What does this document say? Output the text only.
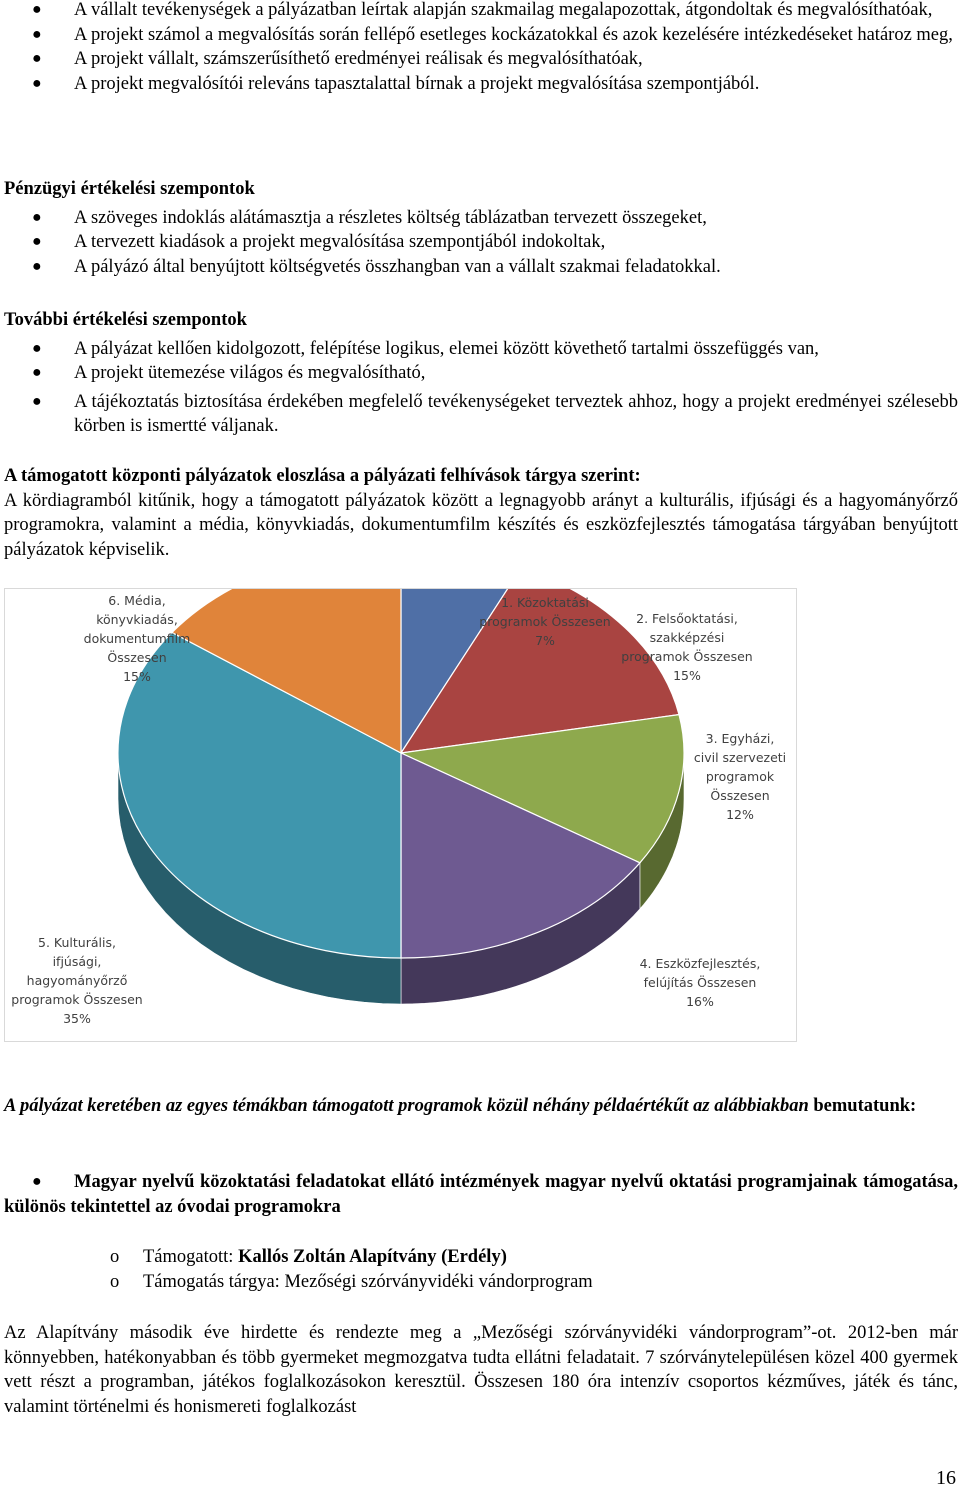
● A vállalt tevékenységek a pályázatban leírtak alapján szakmailag megalapozottak, átgondoltak és megvalósíthatóak,
● A projekt számol a megvalósítás során fellépő esetleges kockázatokkal és azok kezelésére intézkedéseket határoz meg,
● A projekt vállalt, számszerűsíthető eredményei reálisak és megvalósíthatóak,
● A projekt megvalósítói releváns tapasztalattal bírnak a projekt megvalósítása szempontjából.
Pénzügyi értékelési szempontok
● A szöveges indoklás alátámasztja a részletes költség táblázatban tervezett összegeket,
● A tervezett kiadások a projekt megvalósítása szempontjából indokoltak,
● A pályázó által benyújtott költségvetés összhangban van a vállalt szakmai feladatokkal.
További értékelési szempontok
● A pályázat kellően kidolgozott, felépítése logikus, elemei között követhető tartalmi összefüggés van,
● A projekt ütemezése világos és megvalósítható,
● A tájékoztatás biztosítása érdekében megfelelő tevékenységeket terveztek ahhoz, hogy a projekt eredményei szélesebb körben is ismertté váljanak.
A támogatott központi pályázatok eloszlása a pályázati felhívások tárgya szerint:
A kördiagramból kitűnik, hogy a támogatott pályázatok között a legnagyobb arányt a kulturális, ifjúsági és a hagyományőrző programokra, valamint a média, könyvkiadás, dokumentumfilm készítés és eszközfejlesztés támogatása tárgyában benyújtott pályázatok képviselik.
1. Közoktatási programok Összesen 7%
2. Felsőoktatási, szakképzési programok Összesen 15%
3. Egyházi, civil szervezeti programok Összesen 12%
4. Eszközfejlesztés, felújítás Összesen 16%
5. Kulturális, ifjúsági, hagyományőrző programok Összesen 35%
6. Média, könyvkiadás, dokumentumfilm Összesen 15%
A pályázat keretében az egyes témákban támogatott programok közül néhány példaértékűt az alábbiakban bemutatunk:
● Magyar nyelvű közoktatási feladatokat ellátó intézmények magyar nyelvű oktatási programjainak támogatása, különös tekintettel az óvodai programokra
o Támogatott: Kallós Zoltán Alapítvány (Erdély)
o Támogatás tárgya: Mezőségi szórványvidéki vándorprogram
Az Alapítvány második éve hirdette és rendezte meg a „Mezőségi szórványvidéki vándorprogram”-ot. 2012-ben már könnyebben, hatékonyabban és több gyermeket megmozgatva tudta ellátni feladatait. 7 szórványtelepülésen közel 400 gyermek vett részt a programban, játékos foglalkozásokon keresztül. Összesen 180 óra intenzív csoportos kézműves, játék és tánc, valamint történelmi és honismereti foglalkozást
16
